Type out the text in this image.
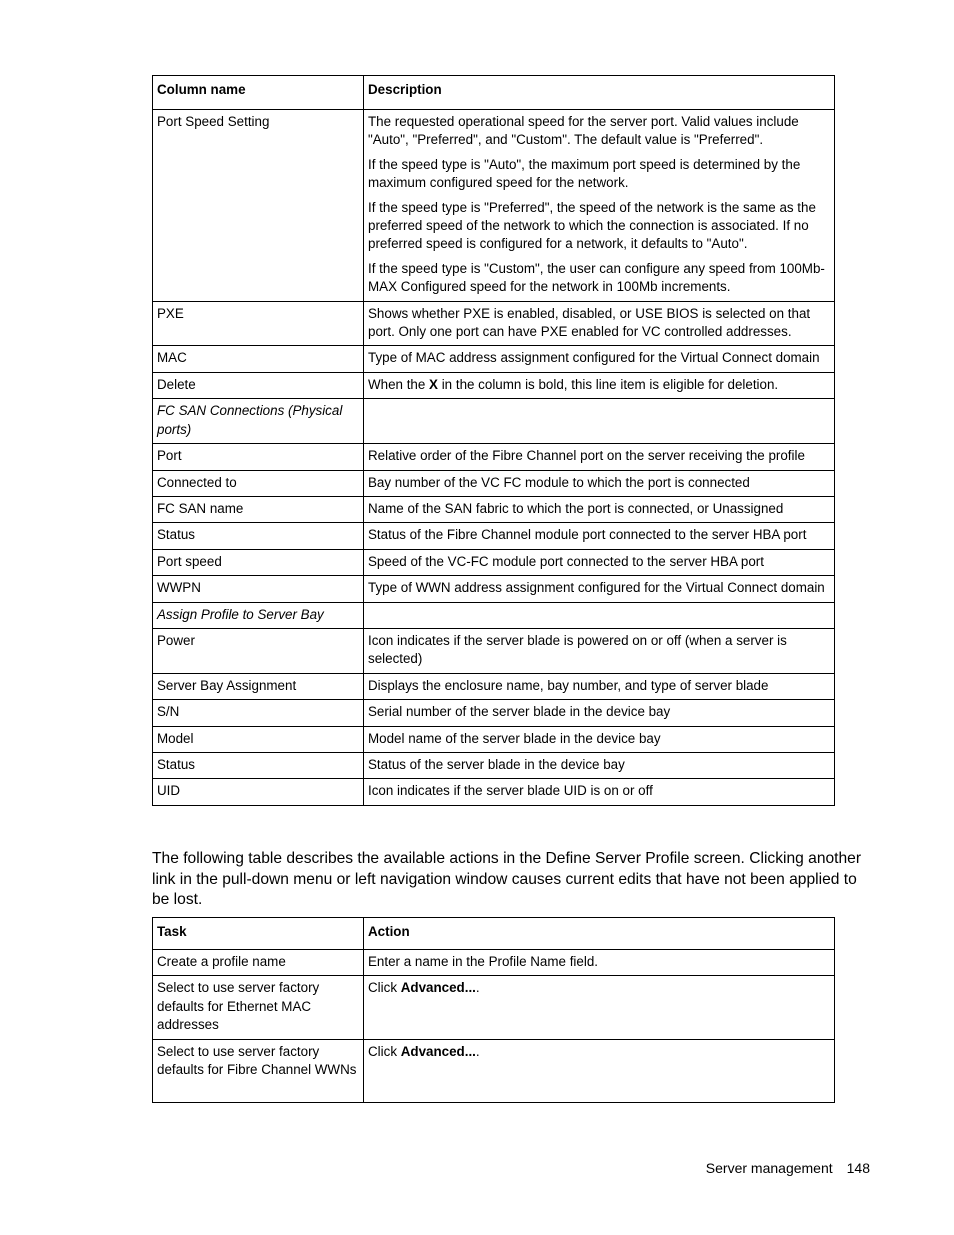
Column name	Description
Port Speed Setting	The requested operational speed for the server port. Valid values include "Auto", "Preferred", and "Custom". The default value is "Preferred".

If the speed type is "Auto", the maximum port speed is determined by the maximum configured speed for the network.

If the speed type is "Preferred", the speed of the network is the same as the preferred speed of the network to which the connection is associated. If no preferred speed is configured for a network, it defaults to "Auto".

If the speed type is "Custom", the user can configure any speed from 100Mb-MAX Configured speed for the network in 100Mb increments.

PXE	Shows whether PXE is enabled, disabled, or USE BIOS is selected on that port. Only one port can have PXE enabled for VC controlled addresses.
MAC	Type of MAC address assignment configured for the Virtual Connect domain
Delete	When the X in the column is bold, this line item is eligible for deletion.
FC SAN Connections (Physical ports)	
Port	Relative order of the Fibre Channel port on the server receiving the profile
Connected to	Bay number of the VC FC module to which the port is connected
FC SAN name	Name of the SAN fabric to which the port is connected, or Unassigned
Status	Status of the Fibre Channel module port connected to the server HBA port
Port speed	Speed of the VC-FC module port connected to the server HBA port
WWPN	Type of WWN address assignment configured for the Virtual Connect domain
Assign Profile to Server Bay	
Power	Icon indicates if the server blade is powered on or off (when a server is selected)
Server Bay Assignment	Displays the enclosure name, bay number, and type of server blade
S/N	Serial number of the server blade in the device bay
Model	Model name of the server blade in the device bay
Status	Status of the server blade in the device bay
UID	Icon indicates if the server blade UID is on or off

The following table describes the available actions in the Define Server Profile screen. Clicking another link in the pull-down menu or left navigation window causes current edits that have not been applied to be lost.

Task	Action
Create a profile name	Enter a name in the Profile Name field.
Select to use server factory defaults for Ethernet MAC addresses	Click Advanced....
Select to use server factory defaults for Fibre Channel WWNs	Click Advanced....
Server management 148
